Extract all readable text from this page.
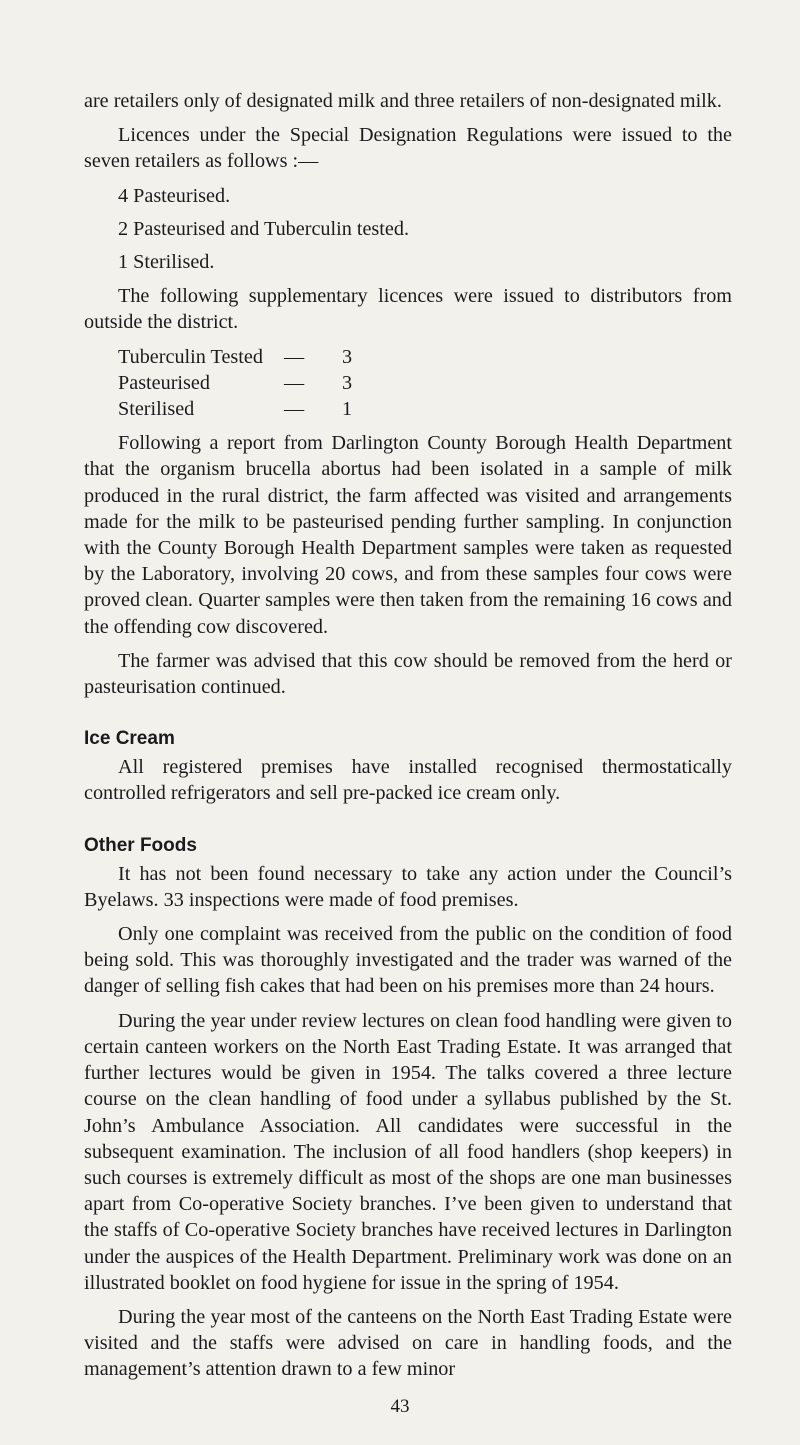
are retailers only of designated milk and three retailers of non-designated milk.

Licences under the Special Designation Regulations were issued to the seven retailers as follows :—

4 Pasteurised.
2 Pasteurised and Tuberculin tested.
1 Sterilised.

The following supplementary licences were issued to distributors from outside the district.

Tuberculin Tested	—	3
Pasteurised	—	3
Sterilised	—	1

Following a report from Darlington County Borough Health Department that the organism brucella abortus had been isolated in a sample of milk produced in the rural district, the farm affected was visited and arrangements made for the milk to be pasteurised pending further sampling. In conjunction with the County Borough Health Department samples were taken as requested by the Laboratory, involving 20 cows, and from these samples four cows were proved clean. Quarter samples were then taken from the remaining 16 cows and the offending cow discovered.

The farmer was advised that this cow should be removed from the herd or pasteurisation continued.

Ice Cream

All registered premises have installed recognised thermostatically controlled refrigerators and sell pre-packed ice cream only.

Other Foods

It has not been found necessary to take any action under the Council’s Byelaws. 33 inspections were made of food premises.

Only one complaint was received from the public on the condition of food being sold. This was thoroughly investigated and the trader was warned of the danger of selling fish cakes that had been on his premises more than 24 hours.

During the year under review lectures on clean food handling were given to certain canteen workers on the North East Trading Estate. It was arranged that further lectures would be given in 1954. The talks covered a three lecture course on the clean handling of food under a syllabus published by the St. John’s Ambulance Association. All candidates were successful in the subsequent examination. The inclusion of all food handlers (shop keepers) in such courses is extremely difficult as most of the shops are one man businesses apart from Co-operative Society branches. I’ve been given to understand that the staffs of Co-operative Society branches have received lectures in Darlington under the auspices of the Health Department. Preliminary work was done on an illustrated booklet on food hygiene for issue in the spring of 1954.

During the year most of the canteens on the North East Trading Estate were visited and the staffs were advised on care in handling foods, and the management’s attention drawn to a few minor

43
